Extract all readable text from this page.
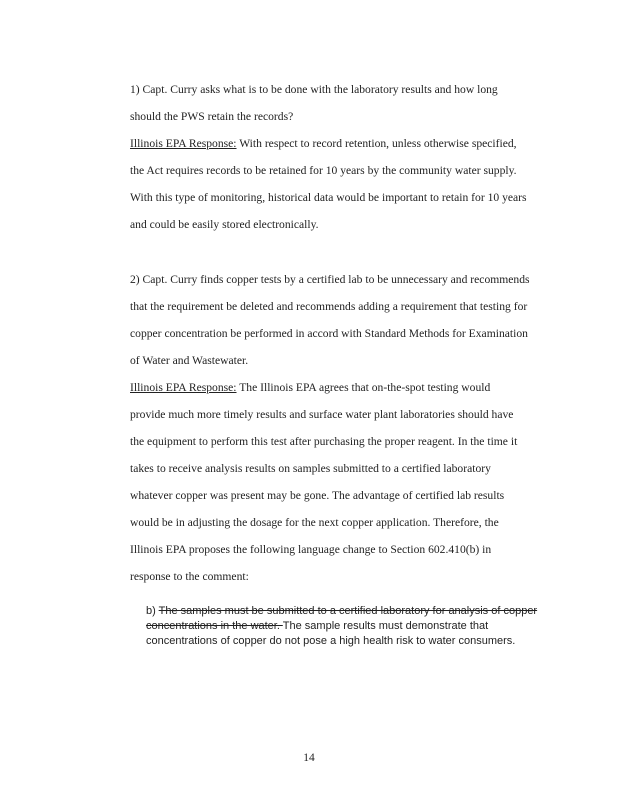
1) Capt. Curry asks what is to be done with the laboratory results and how long
should the PWS retain the records?
Illinois EPA Response: With respect to record retention, unless otherwise specified,
the Act requires records to be retained for 10 years by the community water supply.
With this type of monitoring, historical data would be important to retain for 10 years
and could be easily stored electronically.
2) Capt. Curry finds copper tests by a certified lab to be unnecessary and recommends
that the requirement be deleted and recommends adding a requirement that testing for
copper concentration be performed in accord with Standard Methods for Examination
of Water and Wastewater.
Illinois EPA Response: The Illinois EPA agrees that on-the-spot testing would
provide much more timely results and surface water plant laboratories should have
the equipment to perform this test after purchasing the proper reagent. In the time it
takes to receive analysis results on samples submitted to a certified laboratory
whatever copper was present may be gone. The advantage of certified lab results
would be in adjusting the dosage for the next copper application. Therefore, the
Illinois EPA proposes the following language change to Section 602.410(b) in
response to the comment:
b) The samples must be submitted to a certified laboratory for analysis of copper
concentrations in the water. The sample results must demonstrate that
concentrations of copper do not pose a high health risk to water consumers.
14
